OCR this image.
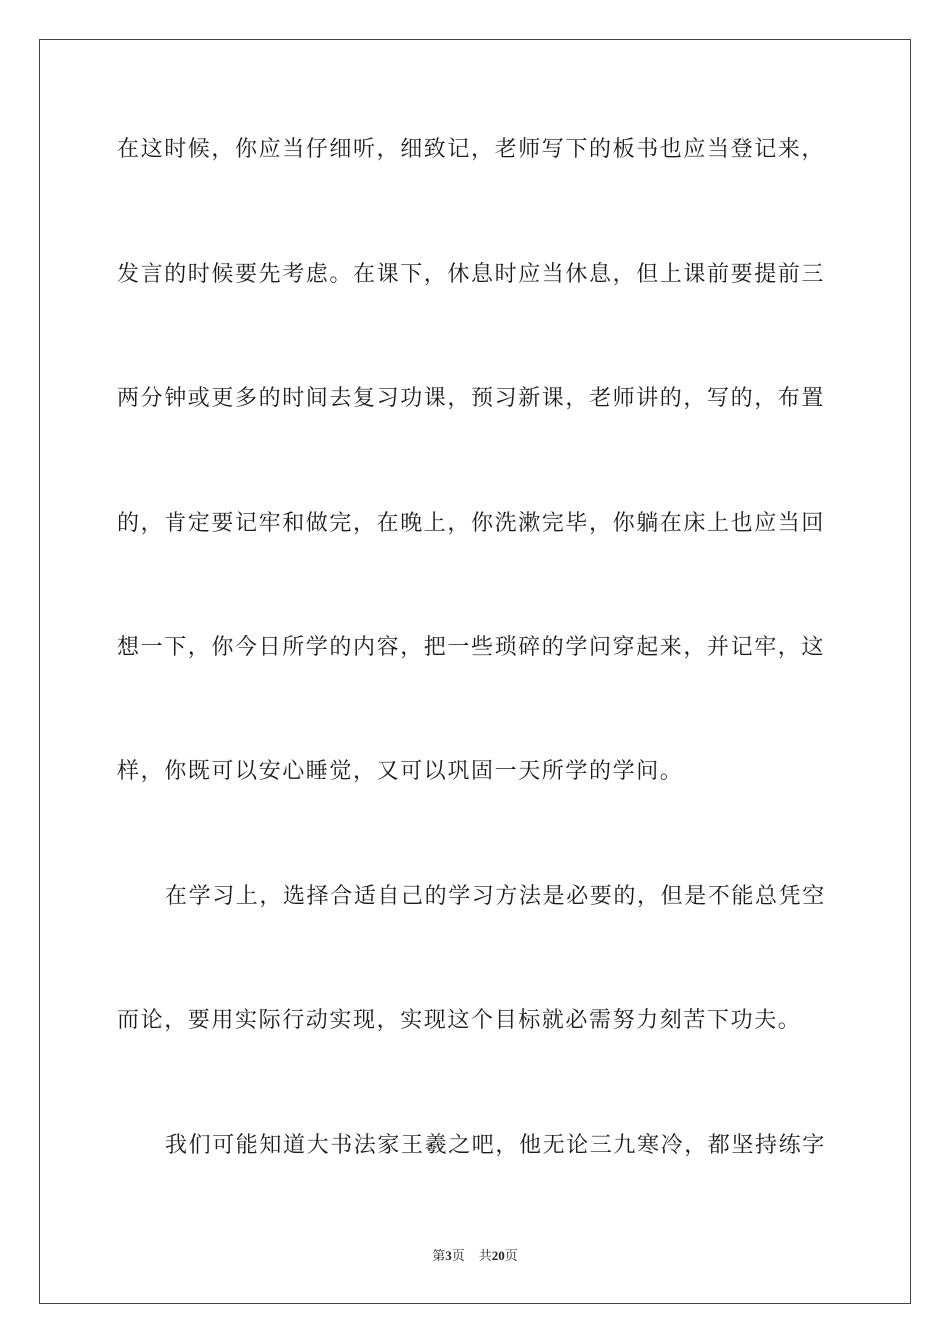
在这时候，你应当仔细听，细致记，老师写下的板书也应当登记来，
发言的时候要先考虑。在课下，休息时应当休息，但上课前要提前三
两分钟或更多的时间去复习功课，预习新课，老师讲的，写的，布置
的，肯定要记牢和做完，在晚上，你洗漱完毕，你躺在床上也应当回
想一下，你今日所学的内容，把一些琐碎的学问穿起来，并记牢，这
样，你既可以安心睡觉，又可以巩固一天所学的学问。
在学习上，选择合适自己的学习方法是必要的，但是不能总凭空
而论，要用实际行动实现，实现这个目标就必需努力刻苦下功夫。
我们可能知道大书法家王羲之吧，他无论三九寒冷，都坚持练字
第3页 共20页
